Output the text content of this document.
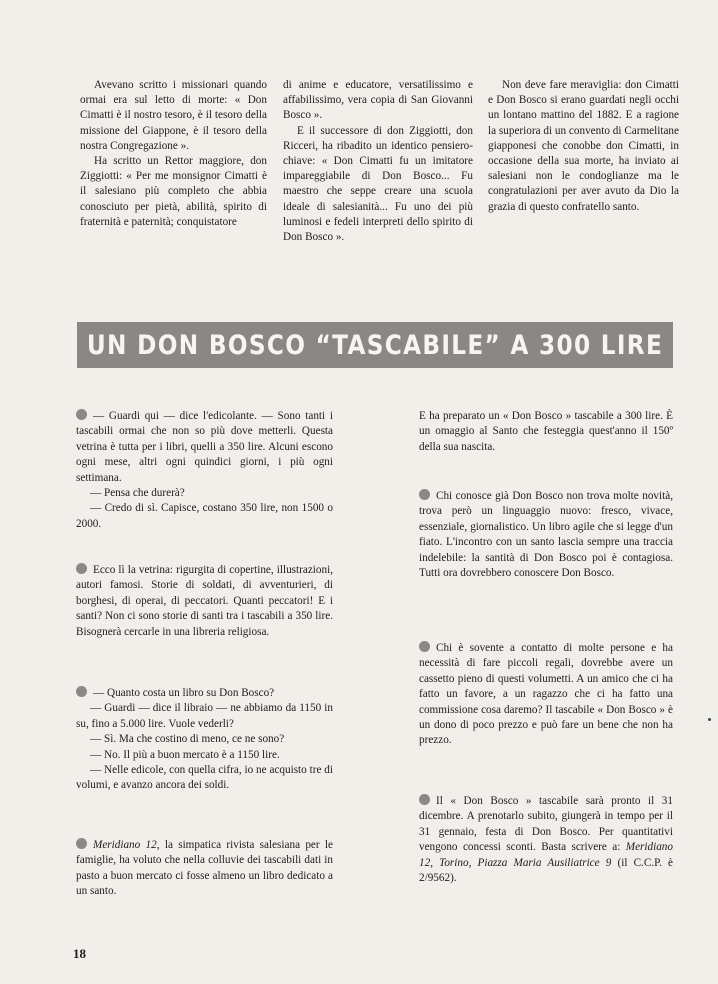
Avevano scritto i missionari quando ormai era sul letto di morte: « Don Cimatti è il nostro tesoro, è il tesoro della missione del Giappone, è il tesoro della nostra Congregazione ».

Ha scritto un Rettor maggiore, don Ziggiotti: « Per me monsignor Cimatti è il salesiano più completo che abbia conosciuto per pietà, abilità, spirito di fraternità e paternità; conquistatore

di anime e educatore, versatilissimo e affabilissimo, vera copia di San Giovanni Bosco ».

E il successore di don Ziggiotti, don Ricceri, ha ribadito un identico pensiero-chiave: « Don Cimatti fu un imitatore impareggiabile di Don Bosco... Fu maestro che seppe creare una scuola ideale di salesianità... Fu uno dei più luminosi e fedeli interpreti dello spirito di Don Bosco ».

Non deve fare meraviglia: don Cimatti e Don Bosco si erano guardati negli occhi un lontano mattino del 1882. E a ragione la superiora di un convento di Carmelitane giapponesi che conobbe don Cimatti, in occasione della sua morte, ha inviato ai salesiani non le condoglianze ma le congratulazioni per aver avuto da Dio la grazia di questo confratello santo.

UN DON BOSCO “TASCABILE” A 300 LIRE

— Guardi qui — dice l'edicolante. — Sono tanti i tascabili ormai che non so più dove metterli. Questa vetrina è tutta per i libri, quelli a 350 lire. Alcuni escono ogni mese, altri ogni quindici giorni, i più ogni settimana.

— Pensa che durerà?

— Credo di sì. Capisce, costano 350 lire, non 1500 o 2000.

Ecco lì la vetrina: rigurgita di copertine, illustrazioni, autori famosi. Storie di soldati, di avventurieri, di borghesi, di operai, di peccatori. Quanti peccatori! E i santi? Non ci sono storie di santi tra i tascabili a 350 lire. Bisognerà cercarle in una libreria religiosa.

— Quanto costa un libro su Don Bosco?

— Guardi — dice il libraio — ne abbiamo da 1150 in su, fino a 5.000 lire. Vuole vederli?

— Sì. Ma che costino di meno, ce ne sono?

— No. Il più a buon mercato è a 1150 lire.

— Nelle edicole, con quella cifra, io ne acquisto tre di volumi, e avanzo ancora dei soldi.

Meridiano 12, la simpatica rivista salesiana per le famiglie, ha voluto che nella colluvie dei tascabili dati in pasto a buon mercato ci fosse almeno un libro dedicato a un santo.

E ha preparato un « Don Bosco » tascabile a 300 lire. È un omaggio al Santo che festeggia quest'anno il 150º della sua nascita.

Chi conosce già Don Bosco non trova molte novità, trova però un linguaggio nuovo: fresco, vivace, essenziale, giornalistico. Un libro agile che si legge d'un fiato. L'incontro con un santo lascia sempre una traccia indelebile: la santità di Don Bosco poi è contagiosa. Tutti ora dovrebbero conoscere Don Bosco.

Chi è sovente a contatto di molte persone e ha necessità di fare piccoli regali, dovrebbe avere un cassetto pieno di questi volumetti. A un amico che ci ha fatto un favore, a un ragazzo che ci ha fatto una commissione cosa daremo? Il tascabile « Don Bosco » è un dono di poco prezzo e può fare un bene che non ha prezzo.

Il « Don Bosco » tascabile sarà pronto il 31 dicembre. A prenotarlo subito, giungerà in tempo per il 31 gennaio, festa di Don Bosco. Per quantitativi vengono concessi sconti. Basta scrivere a: Meridiano 12, Torino, Piazza Maria Ausiliatrice 9 (il C.C.P. è 2/9562).

18
